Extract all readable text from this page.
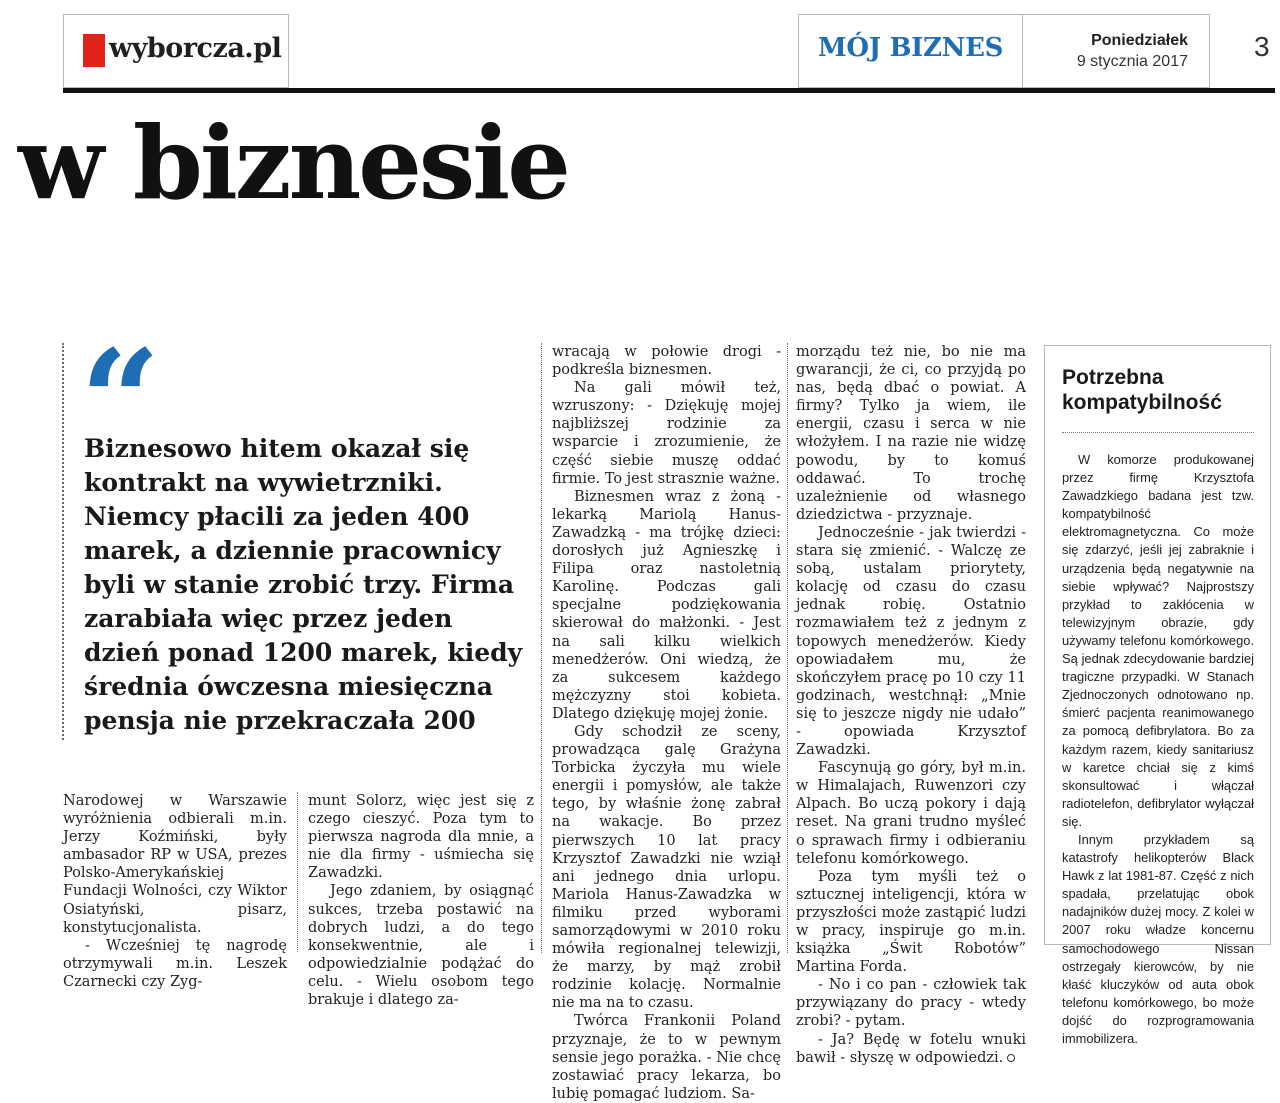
wyborcza.pl	MÓJ BIZNES	Poniedziałek
9 stycznia 2017 3
w biznesie
“
Biznesowo hitem okazał się kontrakt na wywietrzniki. Niemcy płacili za jeden 400 marek, a dziennie pracownicy byli w stanie zrobić trzy. Firma zarabiała więc przez jeden dzień ponad 1200 marek, kiedy średnia ówczesna miesięczna pensja nie przekraczała 200

Narodowej w Warszawie wyróżnienia odbierali m.in. Jerzy Koźmiński, były ambasador RP w USA, prezes Polsko-Amerykańskiej Fundacji Wolności, czy Wiktor Osiatyński, pisarz, konstytucjonalista.

- Wcześniej tę nagrodę otrzymywali m.in. Leszek Czarnecki czy Zyg-

munt Solorz, więc jest się z czego cieszyć. Poza tym to pierwsza nagroda dla mnie, a nie dla firmy - uśmiecha się Zawadzki.

Jego zdaniem, by osiągnąć sukces, trzeba postawić na dobrych ludzi, a do tego konsekwentnie, ale i odpowiedzialnie podążać do celu. - Wielu osobom tego brakuje i dlatego za-

wracają w połowie drogi - podkreśla biznesmen.

Na gali mówił też, wzruszony: - Dziękuję mojej najbliższej rodzinie za wsparcie i zrozumienie, że część siebie muszę oddać firmie. To jest strasznie ważne.

Biznesmen wraz z żoną - lekarką Mariolą Hanus-Zawadzką - ma trójkę dzieci: dorosłych już Agnieszkę i Filipa oraz nastoletnią Karolinę. Podczas gali specjalne podziękowania skierował do małżonki. - Jest na sali kilku wielkich menedżerów. Oni wiedzą, że za sukcesem każdego mężczyzny stoi kobieta. Dlatego dziękuję mojej żonie.

Gdy schodził ze sceny, prowadząca galę Grażyna Torbicka życzyła mu wiele energii i pomysłów, ale także tego, by właśnie żonę zabrał na wakacje. Bo przez pierwszych 10 lat pracy Krzysztof Zawadzki nie wziął ani jednego dnia urlopu. Mariola Hanus-Zawadzka w filmiku przed wyborami samorządowymi w 2010 roku mówiła regionalnej telewizji, że marzy, by mąż zrobił rodzinie kolację. Normalnie nie ma na to czasu.

Twórca Frankonii Poland przyznaje, że to w pewnym sensie jego porażka. - Nie chcę zostawiać pracy lekarza, bo lubię pomagać ludziom. Sa-

morządu też nie, bo nie ma gwarancji, że ci, co przyjdą po nas, będą dbać o powiat. A firmy? Tylko ja wiem, ile energii, czasu i serca w nie włożyłem. I na razie nie widzę powodu, by to komuś oddawać. To trochę uzależnienie od własnego dziedzictwa - przyznaje.

Jednocześnie - jak twierdzi - stara się zmienić. - Walczę ze sobą, ustalam priorytety, kolację od czasu do czasu jednak robię. Ostatnio rozmawiałem też z jednym z topowych menedżerów. Kiedy opowiadałem mu, że skończyłem pracę po 10 czy 11 godzinach, westchnął: „Mnie się to jeszcze nigdy nie udało” - opowiada Krzysztof Zawadzki.

Fascynują go góry, był m.in. w Himalajach, Ruwenzori czy Alpach. Bo uczą pokory i dają reset. Na grani trudno myśleć o sprawach firmy i odbieraniu telefonu komórkowego.

Poza tym myśli też o sztucznej inteligencji, która w przyszłości może zastąpić ludzi w pracy, inspiruje go m.in. książka „Świt Robotów” Martina Forda.

- No i co pan - człowiek tak przywiązany do pracy - wtedy zrobi? - pytam.

- Ja? Będę w fotelu wnuki bawił - słyszę w odpowiedzi.

Potrzebna kompatybilność

W komorze produkowanej przez firmę Krzysztofa Zawadzkiego badana jest tzw. kompatybilność elektromagnetyczna. Co może się zdarzyć, jeśli jej zabraknie i urządzenia będą negatywnie na siebie wpływać? Najprostszy przykład to zakłócenia w telewizyjnym obrazie, gdy używamy telefonu komórkowego. Są jednak zdecydowanie bardziej tragiczne przypadki. W Stanach Zjednoczonych odnotowano np. śmierć pacjenta reanimowanego za pomocą defibrylatora. Bo za każdym razem, kiedy sanitariusz w karetce chciał się z kimś skonsultować i włączał radiotelefon, defibrylator wyłączał się.

Innym przykładem są katastrofy helikopterów Black Hawk z lat 1981-87. Część z nich spadała, przelatując obok nadajników dużej mocy. Z kolei w 2007 roku władze koncernu samochodowego Nissan ostrzegały kierowców, by nie kłaść kluczyków od auta obok telefonu komórkowego, bo może dojść do rozprogramowania immobilizera.
